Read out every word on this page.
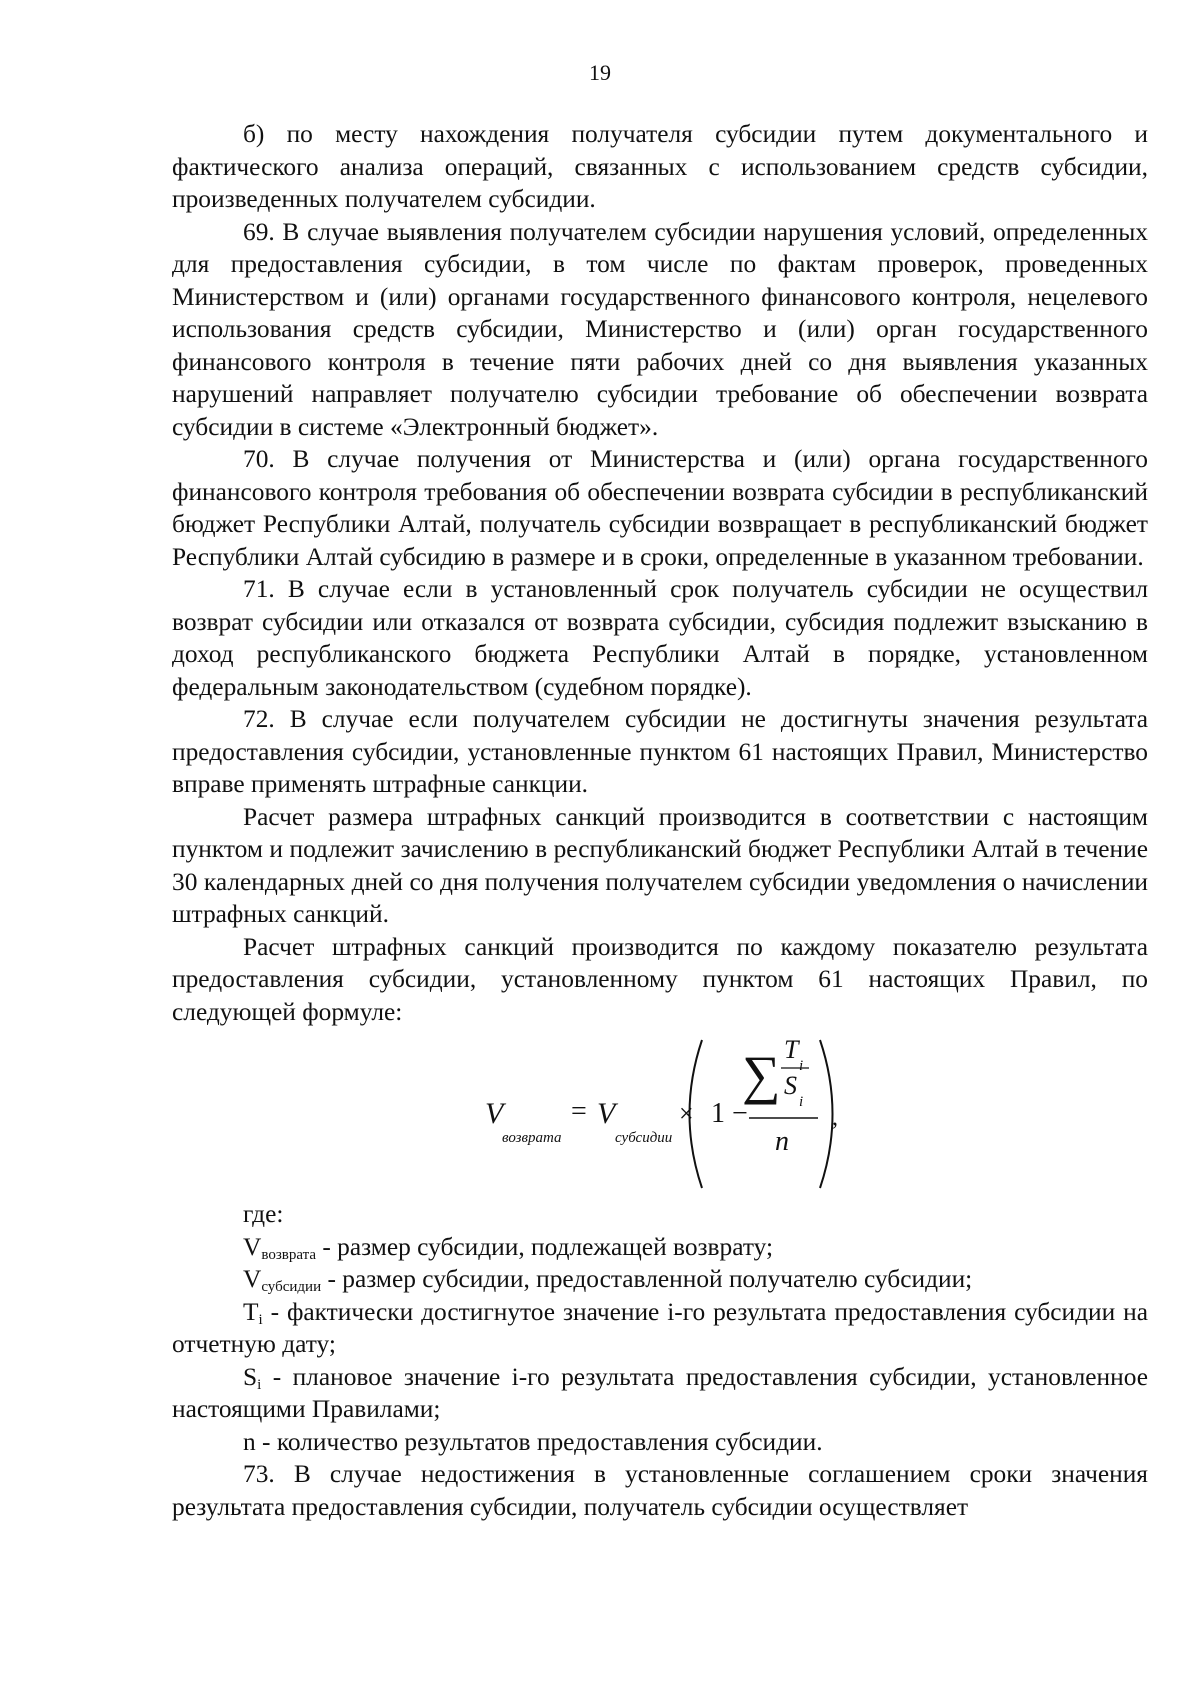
19

б) по месту нахождения получателя субсидии путем документального и фактического анализа операций, связанных с использованием средств субсидии, произведенных получателем субсидии.

69. В случае выявления получателем субсидии нарушения условий, определенных для предоставления субсидии, в том числе по фактам проверок, проведенных Министерством и (или) органами государственного финансового контроля, нецелевого использования средств субсидии, Министерство и (или) орган государственного финансового контроля в течение пяти рабочих дней со дня выявления указанных нарушений направляет получателю субсидии требование об обеспечении возврата субсидии в системе «Электронный бюджет».

70. В случае получения от Министерства и (или) органа государственного финансового контроля требования об обеспечении возврата субсидии в республиканский бюджет Республики Алтай, получатель субсидии возвращает в республиканский бюджет Республики Алтай субсидию в размере и в сроки, определенные в указанном требовании.

71. В случае если в установленный срок получатель субсидии не осуществил возврат субсидии или отказался от возврата субсидии, субсидия подлежит взысканию в доход республиканского бюджета Республики Алтай в порядке, установленном федеральным законодательством (судебном порядке).

72. В случае если получателем субсидии не достигнуты значения результата предоставления субсидии, установленные пунктом 61 настоящих Правил, Министерство вправе применять штрафные санкции.

Расчет размера штрафных санкций производится в соответствии с настоящим пунктом и подлежит зачислению в республиканский бюджет Республики Алтай в течение 30 календарных дней со дня получения получателем субсидии уведомления о начислении штрафных санкций.

Расчет штрафных санкций производится по каждому показателю результата предоставления субсидии, установленному пунктом 61 настоящих Правил, по следующей формуле:

V
возврата
= V
субсидии
× 1 −
∑ T
i
S
i
n
,

где:

$V_{возврата}$ - размер субсидии, подлежащей возврату;

$V_{субсидии}$ - размер субсидии, предоставленной получателю субсидии;

$T_i$ - фактически достигнутое значение i-го результата предоставления субсидии на отчетную дату;

$S_i$ - плановое значение i-го результата предоставления субсидии, установленное настоящими Правилами;

n - количество результатов предоставления субсидии.

73. В случае недостижения в установленные соглашением сроки значения результата предоставления субсидии, получатель субсидии осуществляет
